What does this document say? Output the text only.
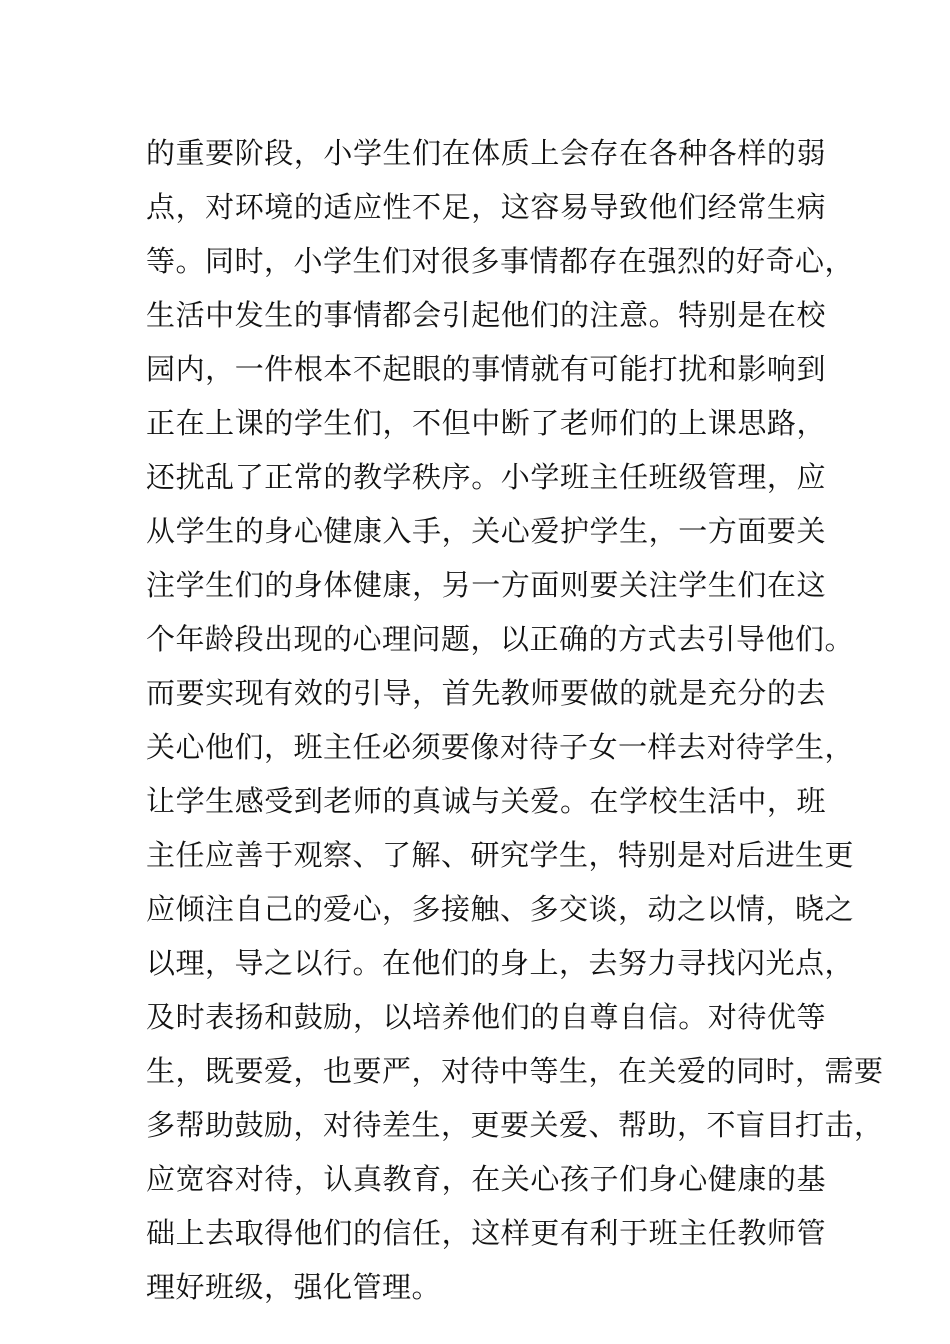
的重要阶段，小学生们在体质上会存在各种各样的弱
点，对环境的适应性不足，这容易导致他们经常生病
等。同时，小学生们对很多事情都存在强烈的好奇心，
生活中发生的事情都会引起他们的注意。特别是在校
园内，一件根本不起眼的事情就有可能打扰和影响到
正在上课的学生们，不但中断了老师们的上课思路，
还扰乱了正常的教学秩序。小学班主任班级管理，应
从学生的身心健康入手，关心爱护学生，一方面要关
注学生们的身体健康，另一方面则要关注学生们在这
个年龄段出现的心理问题，以正确的方式去引导他们。
而要实现有效的引导，首先教师要做的就是充分的去
关心他们，班主任必须要像对待子女一样去对待学生，
让学生感受到老师的真诚与关爱。在学校生活中，班
主任应善于观察、了解、研究学生，特别是对后进生更
应倾注自己的爱心，多接触、多交谈，动之以情，晓之
以理，导之以行。在他们的身上，去努力寻找闪光点，
及时表扬和鼓励，以培养他们的自尊自信。对待优等
生，既要爱，也要严，对待中等生，在关爱的同时，需要
多帮助鼓励，对待差生，更要关爱、帮助，不盲目打击，
应宽容对待，认真教育，在关心孩子们身心健康的基
础上去取得他们的信任，这样更有利于班主任教师管
理好班级，强化管理。
